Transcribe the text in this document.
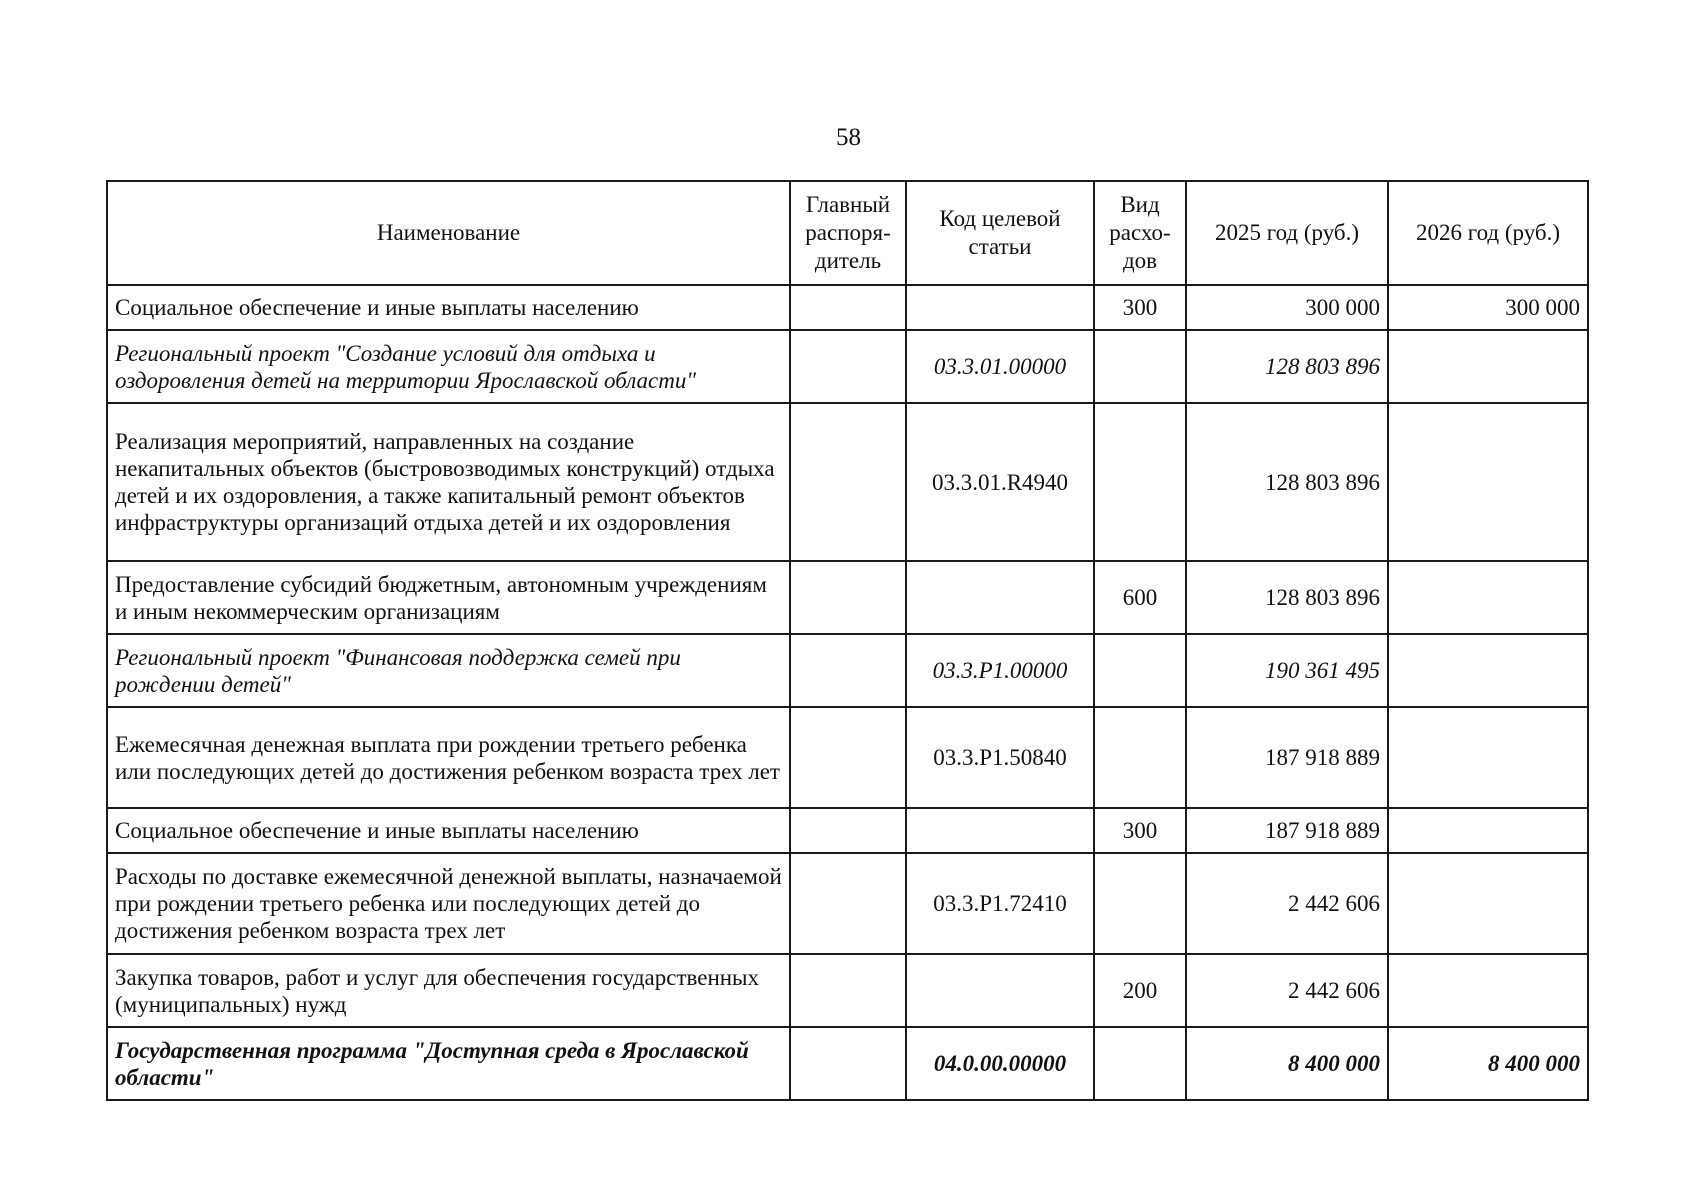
58
Наименование	Главный распоря-дитель	Код целевой статьи	Вид расхо-дов	2025 год (руб.)	2026 год (руб.)
Социальное обеспечение и иные выплаты населению			300	300 000	300 000
Региональный проект "Создание условий для отдыха и оздоровления детей на территории Ярославской области"		03.3.01.00000		128 803 896	
Реализация мероприятий, направленных на создание некапитальных объектов (быстровозводимых конструкций) отдыха детей и их оздоровления, а также капитальный ремонт объектов инфраструктуры организаций отдыха детей и их оздоровления		03.3.01.R4940		128 803 896	
Предоставление субсидий бюджетным, автономным учреждениям и иным некоммерческим организациям			600	128 803 896	
Региональный проект "Финансовая поддержка семей при рождении детей"		03.3.P1.00000		190 361 495	
Ежемесячная денежная выплата при рождении третьего ребенка или последующих детей до достижения ребенком возраста трех лет		03.3.P1.50840		187 918 889	
Социальное обеспечение и иные выплаты населению			300	187 918 889	
Расходы по доставке ежемесячной денежной выплаты, назначаемой при рождении третьего ребенка или последующих детей до достижения ребенком возраста трех лет		03.3.P1.72410		2 442 606	
Закупка товаров, работ и услуг для обеспечения государственных (муниципальных) нужд			200	2 442 606	
Государственная программа "Доступная среда в Ярославской области"		04.0.00.00000		8 400 000	8 400 000
